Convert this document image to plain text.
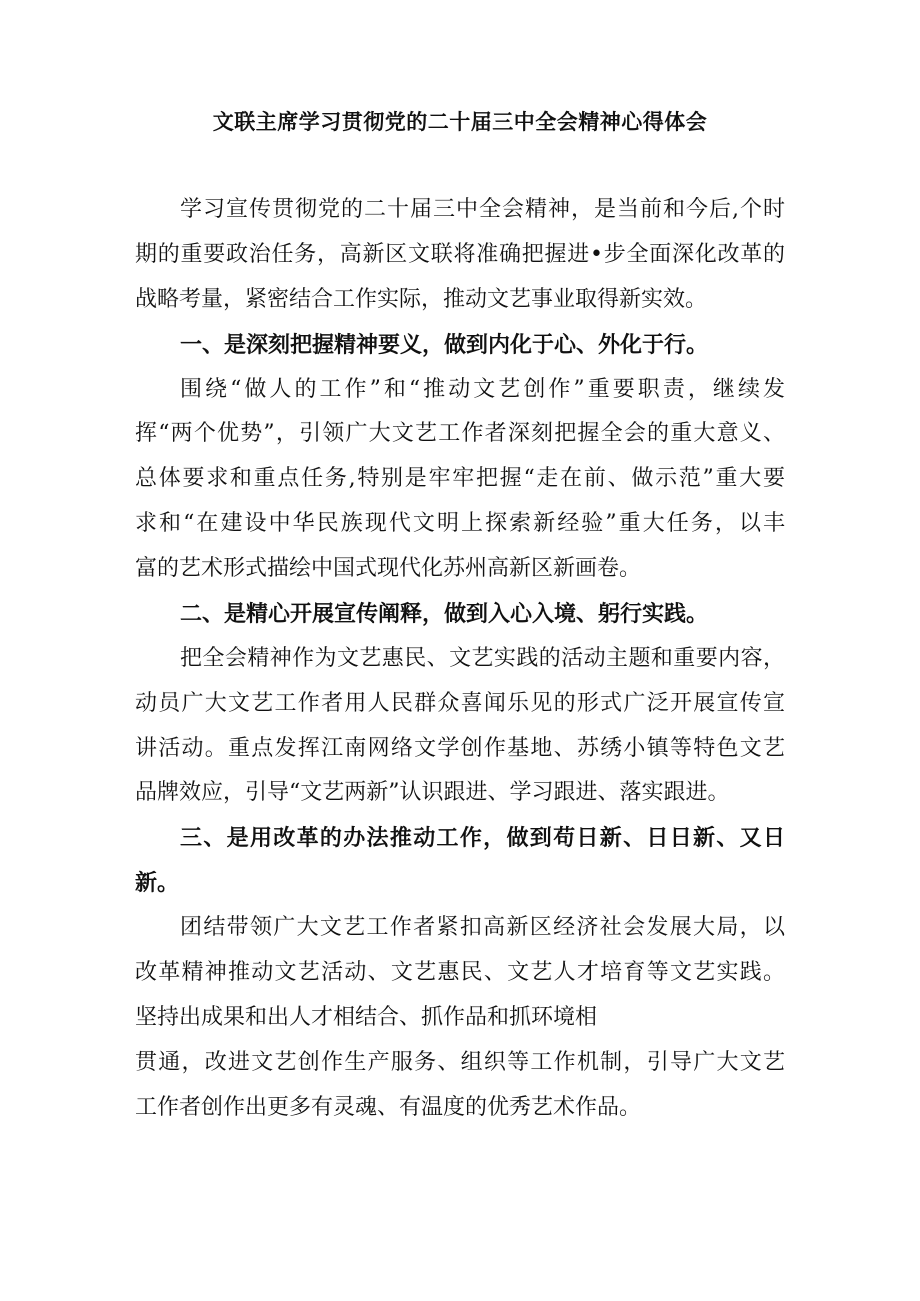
文联主席学习贯彻党的二十届三中全会精神心得体会
学习宣传贯彻党的二十届三中全会精神，是当前和今后,个时
期的重要政治任务，高新区文联将准确把握进•步全面深化改革的
战略考量，紧密结合工作实际，推动文艺事业取得新实效。
一、是深刻把握精神要义，做到内化于心、外化于行。
围绕“做人的工作”和“推动文艺创作”重要职责，继续发
挥“两个优势”，引领广大文艺工作者深刻把握全会的重大意义、
总体要求和重点任务,特别是牢牢把握“走在前、做示范”重大要
求和“在建设中华民族现代文明上探索新经验”重大任务，以丰
富的艺术形式描绘中国式现代化苏州高新区新画卷。
二、是精心开展宣传阐释，做到入心入境、躬行实践。
把全会精神作为文艺惠民、文艺实践的活动主题和重要内容，
动员广大文艺工作者用人民群众喜闻乐见的形式广泛开展宣传宣
讲活动。重点发挥江南网络文学创作基地、苏绣小镇等特色文艺
品牌效应，引导“文艺两新”认识跟进、学习跟进、落实跟进。
三、是用改革的办法推动工作，做到苟日新、日日新、又日
新。
团结带领广大文艺工作者紧扣高新区经济社会发展大局，以
改革精神推动文艺活动、文艺惠民、文艺人才培育等文艺实践。
坚持出成果和出人才相结合、抓作品和抓环境相
贯通，改进文艺创作生产服务、组织等工作机制，引导广大文艺
工作者创作出更多有灵魂、有温度的优秀艺术作品。
